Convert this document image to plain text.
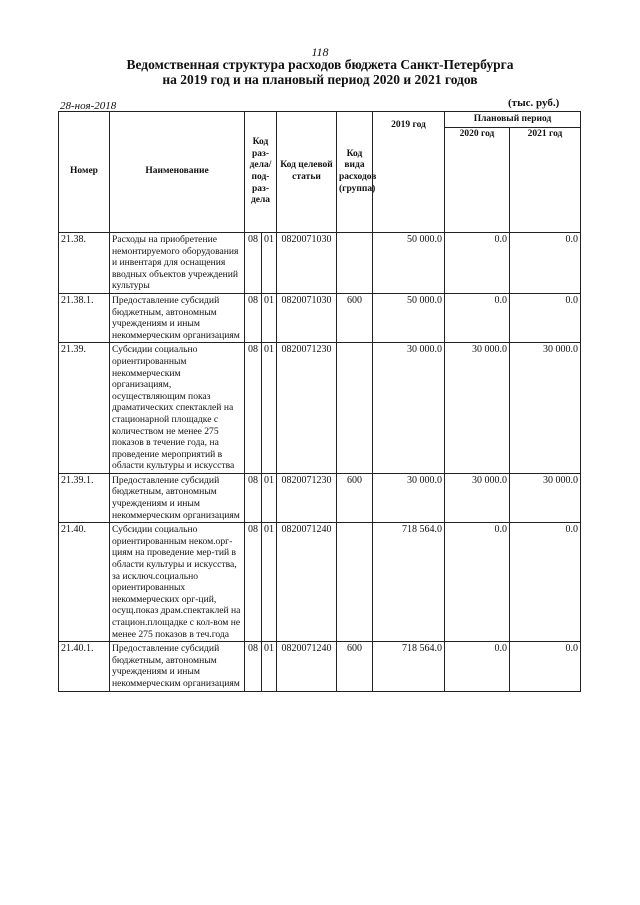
118
Ведомственная структура расходов бюджета Санкт-Петербурга
на 2019 год и на плановый период 2020 и 2021 годов
28-ноя-2018	(тыс. руб.)
Номер	Наименование	Код раз- дела/ под- раз- дела		Код целевой статьи	Код вида расходов (группа)	2019 год	Плановый период	
							2020 год	2021 год
21.38.	Расходы на приобретение немонтируемого оборудования и инвентаря для оснащения вводных объектов учреждений культуры	08	01	0820071030		50 000.0	0.0	0.0
21.38.1.	Предоставление субсидий бюджетным, автономным учреждениям и иным некоммерческим организациям	08	01	0820071030	600	50 000.0	0.0	0.0
21.39.	Субсидии социально ориентированным некоммерческим организациям, осуществляющим показ драматических спектаклей на стационарной площадке с количеством не менее 275 показов в течение года, на проведение мероприятий в области культуры и искусства	08	01	0820071230		30 000.0	30 000.0	30 000.0
21.39.1.	Предоставление субсидий бюджетным, автономным учреждениям и иным некоммерческим организациям	08	01	0820071230	600	30 000.0	30 000.0	30 000.0
21.40.	Субсидии социально ориентированным неком.орг-циям на проведение мер-тий в области культуры и искусства, за исключ.социально ориентированных некоммерческих орг-ций, осущ.показ драм.спектаклей на стацион.площадке с кол-вом не менее 275 показов в теч.года	08	01	0820071240		718 564.0	0.0	0.0
21.40.1.	Предоставление субсидий бюджетным, автономным учреждениям и иным некоммерческим организациям	08	01	0820071240	600	718 564.0	0.0	0.0
